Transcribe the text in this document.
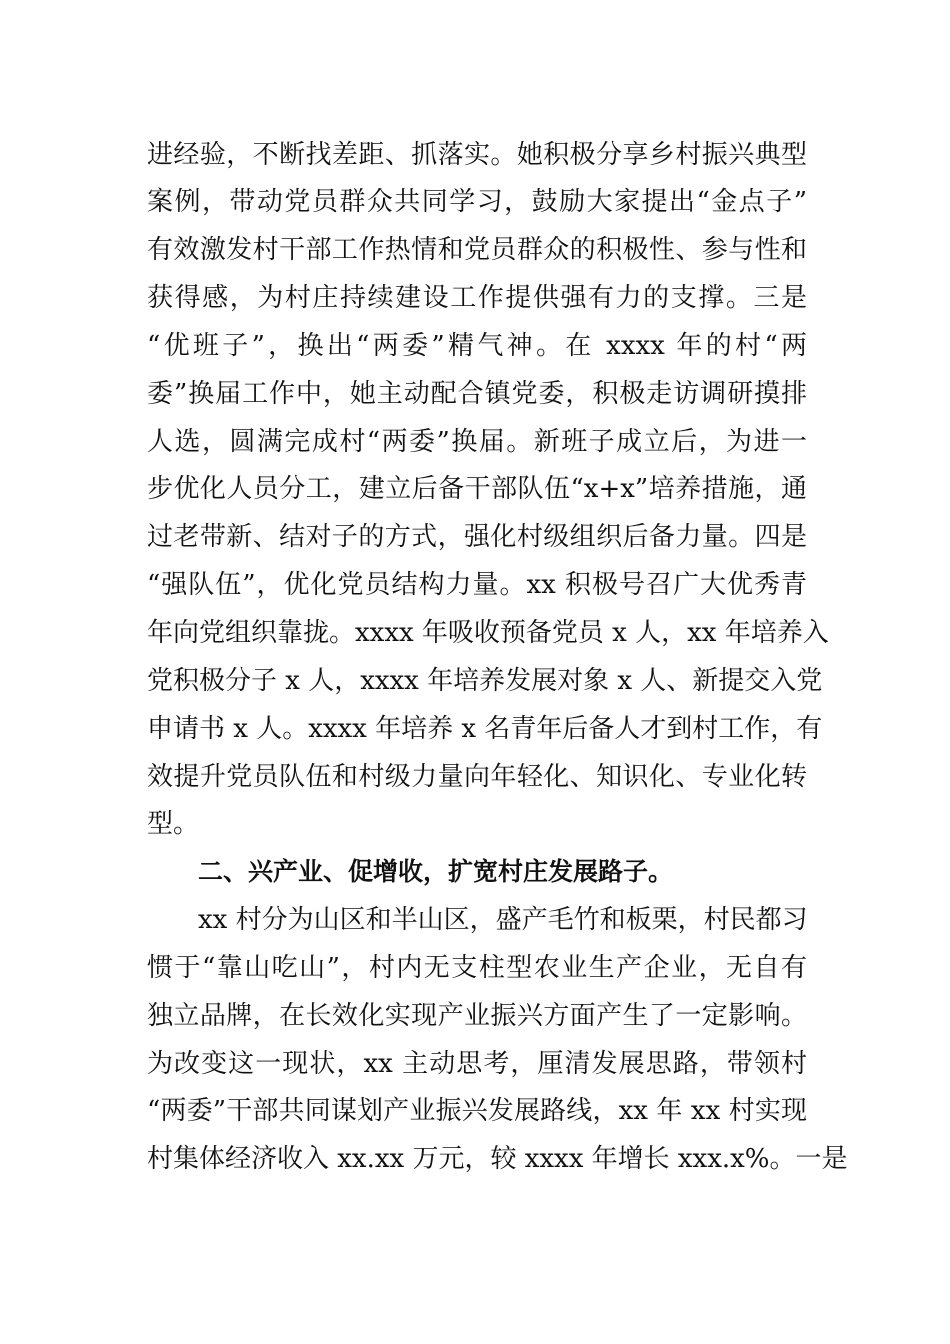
进经验，不断找差距、抓落实。她积极分享乡村振兴典型
案例，带动党员群众共同学习，鼓励大家提出“金点子”
有效激发村干部工作热情和党员群众的积极性、参与性和
获得感，为村庄持续建设工作提供强有力的支撑。三是
“优班子”，换出“两委”精气神。在 xxxx 年的村“两
委”换届工作中，她主动配合镇党委，积极走访调研摸排
人选，圆满完成村“两委”换届。新班子成立后，为进一
步优化人员分工，建立后备干部队伍“x+x”培养措施，通
过老带新、结对子的方式，强化村级组织后备力量。四是
“强队伍”，优化党员结构力量。xx 积极号召广大优秀青
年向党组织靠拢。xxxx 年吸收预备党员 x 人，xx 年培养入
党积极分子 x 人，xxxx 年培养发展对象 x 人、新提交入党
申请书 x 人。xxxx 年培养 x 名青年后备人才到村工作，有
效提升党员队伍和村级力量向年轻化、知识化、专业化转
型。
二、兴产业、促增收，扩宽村庄发展路子。
xx 村分为山区和半山区，盛产毛竹和板栗，村民都习
惯于“靠山吃山”，村内无支柱型农业生产企业，无自有
独立品牌，在长效化实现产业振兴方面产生了一定影响。
为改变这一现状，xx 主动思考，厘清发展思路，带领村
“两委”干部共同谋划产业振兴发展路线，xx 年 xx 村实现
村集体经济收入 xx.xx 万元，较 xxxx 年增长 xxx.x%。一是
